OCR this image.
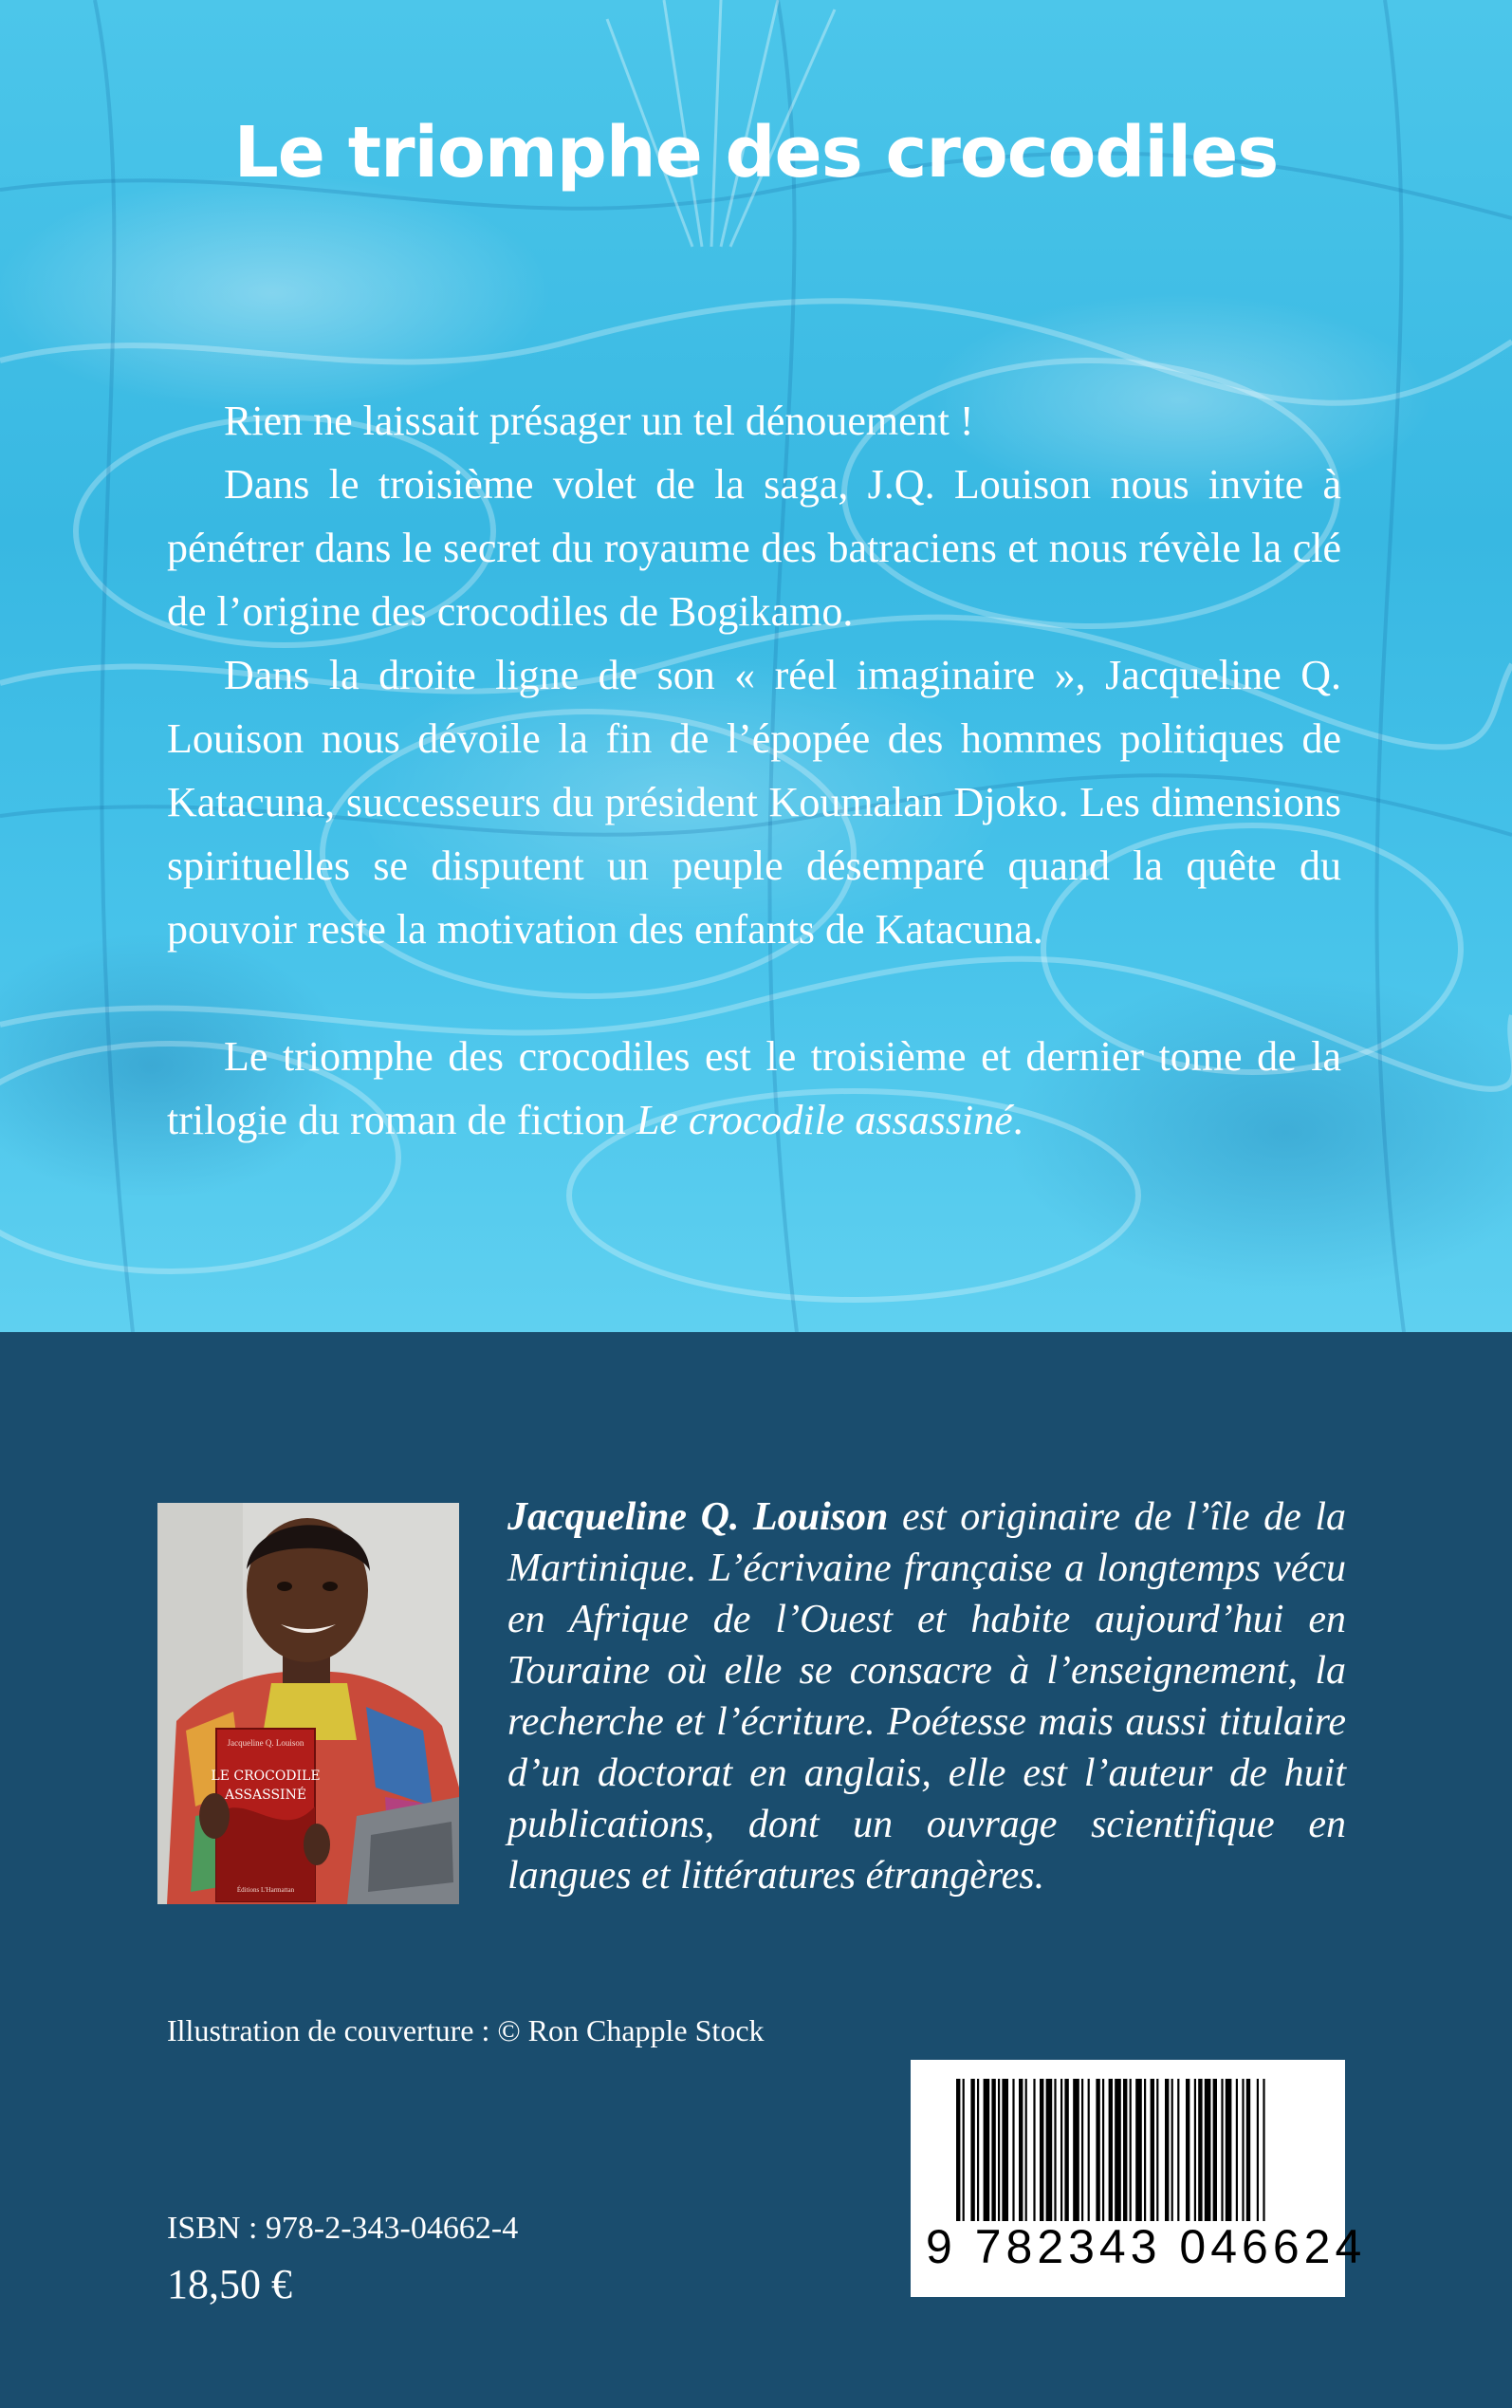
Le triomphe des crocodiles

Rien ne laissait présager un tel dénouement !

Dans le troisième volet de la saga, J.Q. Louison nous invite à pénétrer dans le secret du royaume des batraciens et nous révèle la clé de l’origine des crocodiles de Bogikamo.

Dans la droite ligne de son « réel imaginaire », Jacqueline Q. Louison nous dévoile la fin de l’épopée des hommes politiques de Katacuna, successeurs du président Koumalan Djoko. Les dimensions spirituelles se disputent un peuple désemparé quand la quête du pouvoir reste la motivation des enfants de Katacuna.

Le triomphe des crocodiles est le troisième et dernier tome de la trilogie du roman de fiction Le crocodile assassiné.

Jacqueline Q. Louison
LE CROCODILE
ASSASSINÉ
Éditions L'Harmattan

Jacqueline Q. Louison est originaire de l’île de la Martinique. L’écrivaine française a longtemps vécu en Afrique de l’Ouest et habite aujourd’hui en Touraine où elle se consacre à l’enseignement, la recherche et l’écriture. Poétesse mais aussi titulaire d’un doctorat en anglais, elle est l’auteur de huit publications, dont un ouvrage scientifique en langues et littératures étrangères.

Illustration de couverture : © Ron Chapple Stock

ISBN : 978-2-343-04662-4

18,50 €

9 782343 046624
